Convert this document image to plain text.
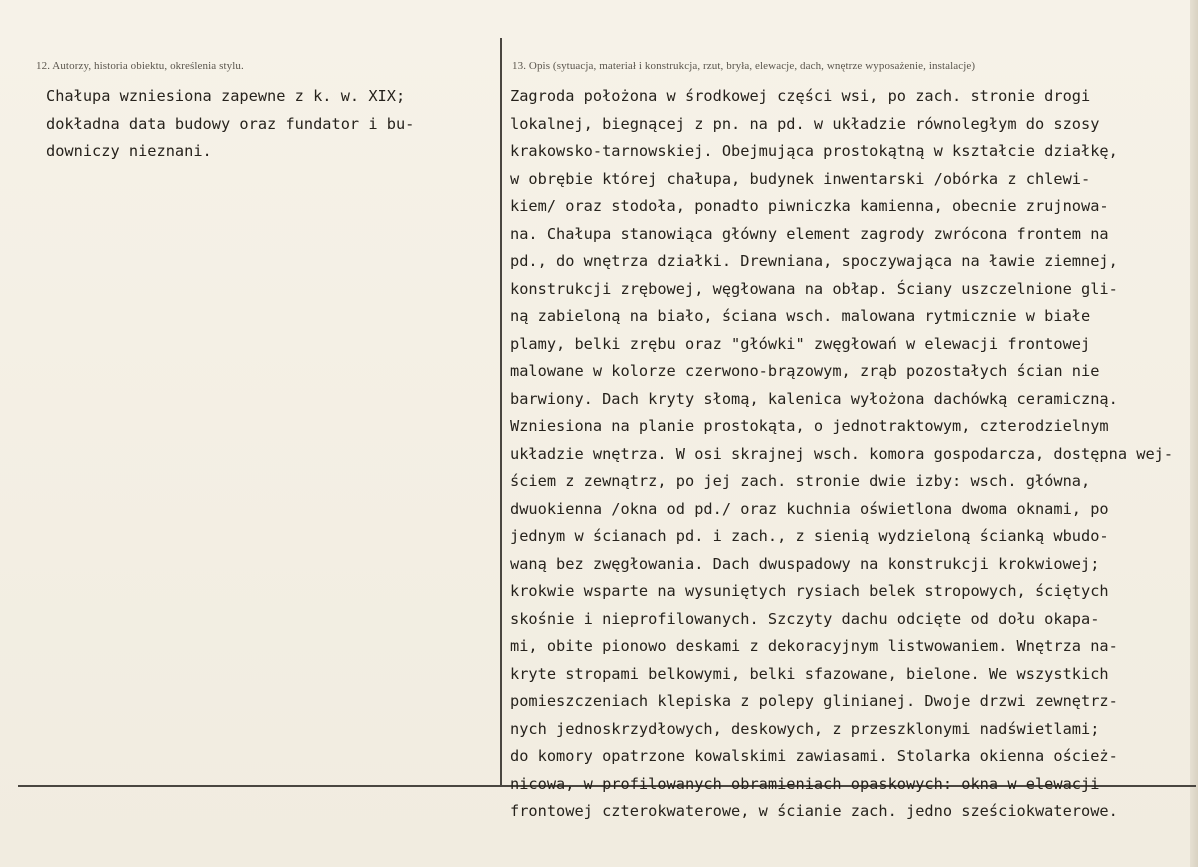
12. Autorzy, historia obiektu, określenia stylu.	13. Opis (sytuacja, materiał i konstrukcja, rzut, bryła, elewacje, dach, wnętrze wyposażenie, instalacje)
Chałupa wzniesiona zapewne z k. w. XIX;
dokładna data budowy oraz fundator i bu-
downiczy nieznani.
Zagroda położona w środkowej części wsi, po zach. stronie drogi
lokalnej, biegnącej z pn. na pd. w układzie równoległym do szosy
krakowsko-tarnowskiej. Obejmująca prostokątną w kształcie działkę,
w obrębie której chałupa, budynek inwentarski /obórka z chlewi-
kiem/ oraz stodoła, ponadto piwniczka kamienna, obecnie zrujnowa-
na. Chałupa stanowiąca główny element zagrody zwrócona frontem na
pd., do wnętrza działki. Drewniana, spoczywająca na ławie ziemnej,
konstrukcji zrębowej, węgłowana na obłap. Ściany uszczelnione gli-
ną zabieloną na biało, ściana wsch. malowana rytmicznie w białe
plamy, belki zrębu oraz "główki" zwęgłowań w elewacji frontowej
malowane w kolorze czerwono-brązowym, zrąb pozostałych ścian nie
barwiony. Dach kryty słomą, kalenica wyłożona dachówką ceramiczną.
Wzniesiona na planie prostokąta, o jednotraktowym, czterodzielnym
układzie wnętrza. W osi skrajnej wsch. komora gospodarcza, dostępna wej-
ściem z zewnątrz, po jej zach. stronie dwie izby: wsch. główna,
dwuokienna /okna od pd./ oraz kuchnia oświetlona dwoma oknami, po
jednym w ścianach pd. i zach., z sienią wydzieloną ścianką wbudo-
waną bez zwęgłowania. Dach dwuspadowy na konstrukcji krokwiowej;
krokwie wsparte na wysuniętych rysiach belek stropowych, ściętych
skośnie i nieprofilowanych. Szczyty dachu odcięte od dołu okapa-
mi, obite pionowo deskami z dekoracyjnym listwowaniem. Wnętrza na-
kryte stropami belkowymi, belki sfazowane, bielone. We wszystkich
pomieszczeniach klepiska z polepy glinianej. Dwoje drzwi zewnętrz-
nych jednoskrzydłowych, deskowych, z przeszklonymi nadświetlami;
do komory opatrzone kowalskimi zawiasami. Stolarka okienna oścież-
nicowa, w profilowanych obramieniach opaskowych: okna w elewacji
frontowej czterokwaterowe, w ścianie zach. jedno sześciokwaterowe.
